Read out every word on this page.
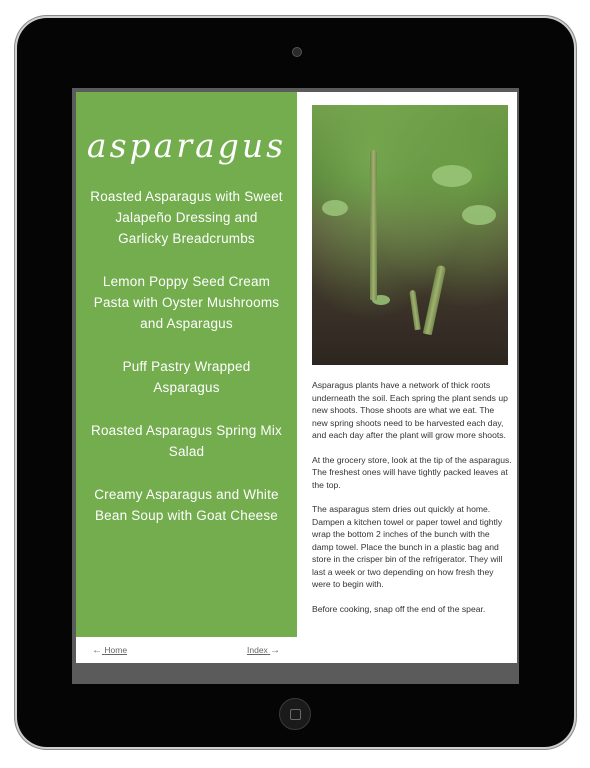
asparagus
Roasted Asparagus with Sweet Jalapeño Dressing and Garlicky Breadcrumbs
Lemon Poppy Seed Cream Pasta with Oyster Mushrooms and Asparagus
Puff Pastry Wrapped Asparagus
Roasted Asparagus Spring Mix Salad
Creamy Asparagus and White Bean Soup with Goat Cheese

Asparagus plants have a network of thick roots underneath the soil. Each spring the plant sends up new shoots. Those shoots are what we eat. The new spring shoots need to be harvested each day, and each day after the plant will grow more shoots.

At the grocery store, look at the tip of the asparagus. The freshest ones will have tightly packed leaves at the top.

The asparagus stem dries out quickly at home. Dampen a kitchen towel or paper towel and tightly wrap the bottom 2 inches of the bunch with the damp towel. Place the bunch in a plastic bag and store in the crisper bin of the refrigerator. They will last a week or two depending on how fresh they were to begin with.

Before cooking, snap off the end of the spear.

← Home	Index →
